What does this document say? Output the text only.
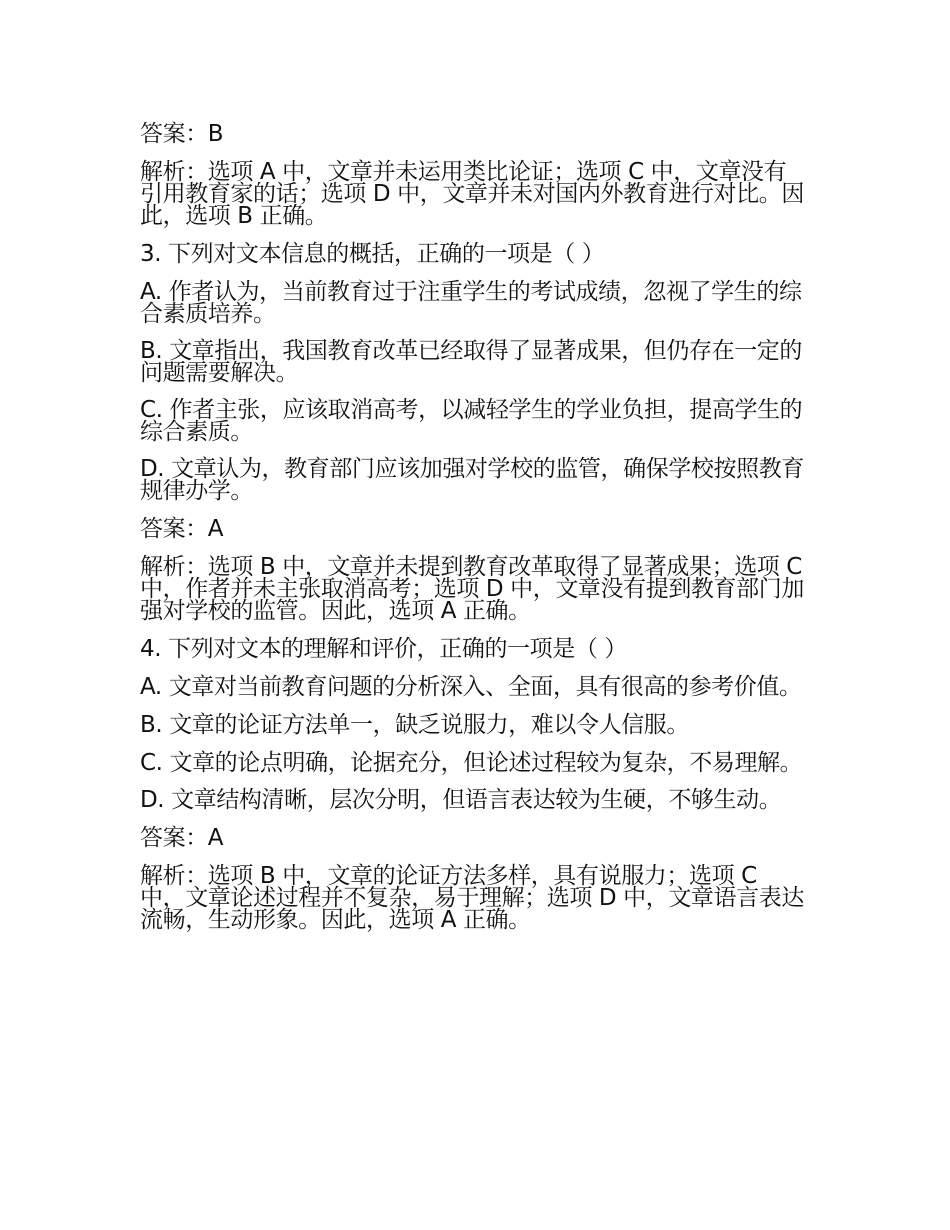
答案：B

解析：选项 A 中，文章并未运用类比论证；选项 C 中，文章没有引用教育家的话；选项 D 中，文章并未对国内外教育进行对比。因此，选项 B 正确。

3. 下列对文本信息的概括，正确的一项是（ ）

A. 作者认为，当前教育过于注重学生的考试成绩，忽视了学生的综合素质培养。

B. 文章指出，我国教育改革已经取得了显著成果，但仍存在一定的问题需要解决。

C. 作者主张，应该取消高考，以减轻学生的学业负担，提高学生的综合素质。

D. 文章认为，教育部门应该加强对学校的监管，确保学校按照教育规律办学。

答案：A

解析：选项 B 中，文章并未提到教育改革取得了显著成果；选项 C 中，作者并未主张取消高考；选项 D 中，文章没有提到教育部门加强对学校的监管。因此，选项 A 正确。

4. 下列对文本的理解和评价，正确的一项是（ ）

A. 文章对当前教育问题的分析深入、全面，具有很高的参考价值。

B. 文章的论证方法单一，缺乏说服力，难以令人信服。

C. 文章的论点明确，论据充分，但论述过程较为复杂，不易理解。

D. 文章结构清晰，层次分明，但语言表达较为生硬，不够生动。

答案：A

解析：选项 B 中，文章的论证方法多样，具有说服力；选项 C 中，文章论述过程并不复杂，易于理解；选项 D 中，文章语言表达流畅，生动形象。因此，选项 A 正确。
